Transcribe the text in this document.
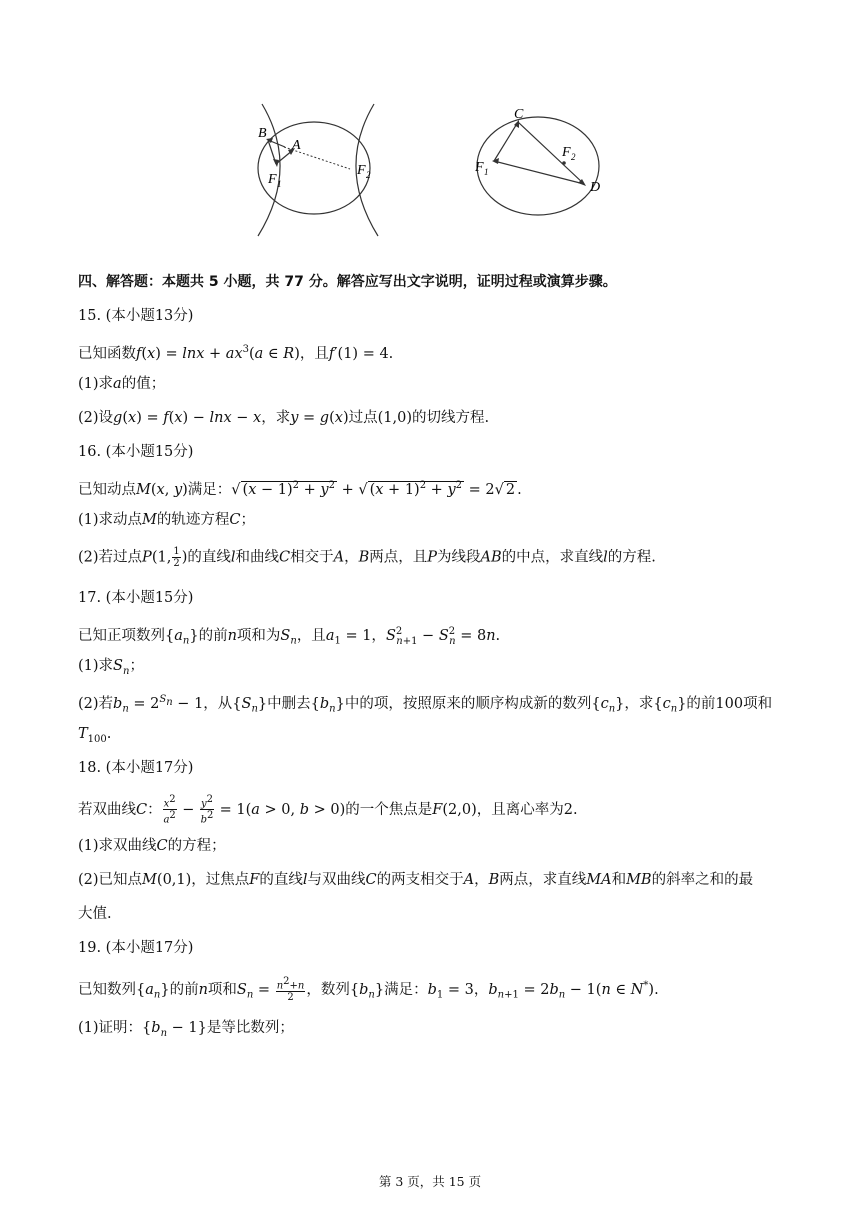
B
A
F 1
F 2
C
F 2
F 1
D
四、解答题：本题共 5 小题，共 77 分。解答应写出文字说明，证明过程或演算步骤。
15. (本小题13分)
已知函数$f(x) = \ln x + ax^3(a$ ∈ R)，且f′(1) = 4.
(1)求a的值；
(2)设g(x) = f(x) − lnx − x，求y = g(x)过点(1,0)的切线方程.
16. (本小题15分)
已知动点M(x, y)满足：√ $(x - 1)^2 + y^2$ + √ $(x + 1)^2 + y^2 = 2√$ 2 .
(1)求动点M的轨迹方程C；
(2)若过点P(1, $\frac{1}{2}$ )的直线l和曲线C相交于A，B两点，且P为线段AB的中点，求直线l的方程.
17. (本小题15分)
已知正项数列$\{a_n\}$的前n项和为$S_n$，且$a_1 = 1$，$S^2_{n+1} - S^2_n = 8n$.
(1)求$S_n$；
(2)若$b_n = 2^{S_n} - 1$，从$\{S_n\}$中删去$\{b_n\}$中的项，按照原来的顺序构成新的数列$\{c_n\}$，求$\{c_n\}$的前100项和
$T_{100}$.
18. (本小题17分)
若双曲线C： $\frac{x^2}{a^2} - \frac{y^2}{b^2} = 1(a > 0$, b > 0)的一个焦点是F(2,0)，且离心率为2.
(1)求双曲线C的方程；
(2)已知点M(0,1)，过焦点F的直线l与双曲线C的两支相交于A，B两点，求直线MA和MB的斜率之和的最
大值.
19. (本小题17分)
已知数列$\{a_n\}$的前n项和$S_n = \frac{n^2+n}{2}$ ，数列$\{b_n\}$满足：$b_1 = 3$，$b_{n+1} = 2b_n - 1(n$ ∈ N*).
(1)证明：$\{b_n - 1\}$是等比数列；
第 3 页，共 15 页
